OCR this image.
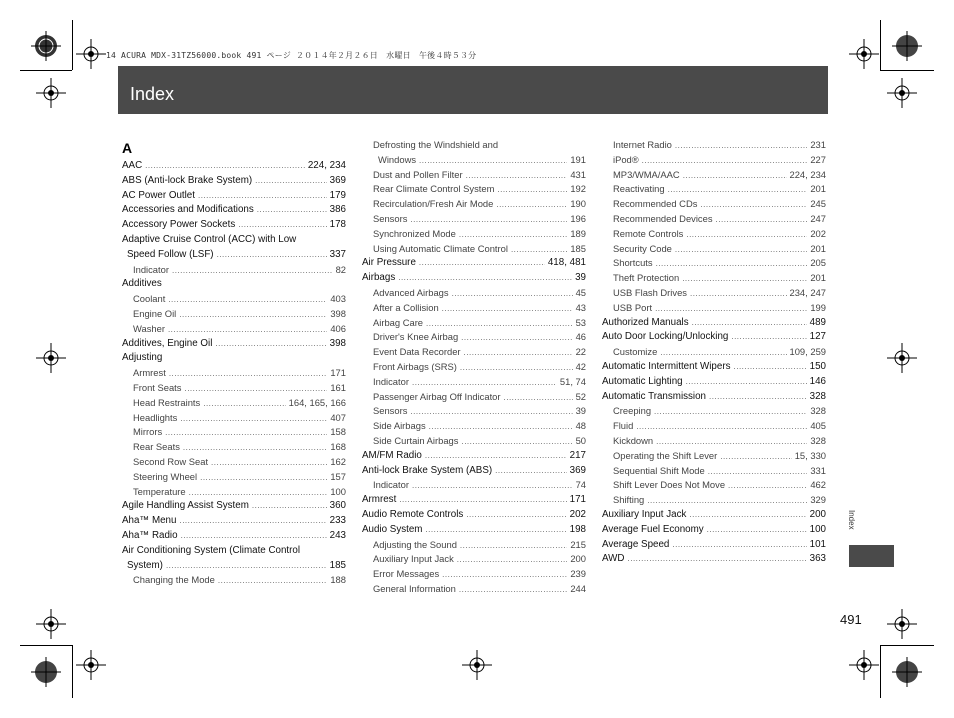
14 ACURA MDX-31TZ56000.book 491 ページ ２０１４年２月２６日　水曜日　午後４時５３分
Index
A
AAC .....	224, 234
ABS (Anti-lock Brake System) .....	369
AC Power Outlet .....	179
Accessories and Modifications .....	386
Accessory Power Sockets .....	178
Adaptive Cruise Control (ACC) with Low
Speed Follow (LSF) .....	337
Indicator .....	82
Additives
Coolant .....	403
Engine Oil .....	398
Washer .....	406
Additives, Engine Oil .....	398
Adjusting
Armrest .....	171
Front Seats .....	161
Head Restraints .....	164, 165, 166
Headlights .....	407
Mirrors .....	158
Rear Seats .....	168
Second Row Seat .....	162
Steering Wheel .....	157
Temperature .....	100
Agile Handling Assist System .....	360
Aha™ Menu .....	233
Aha™ Radio .....	243
Air Conditioning System (Climate Control
System) .....	185
Changing the Mode .....	188
Defrosting the Windshield and
Windows .....	191
Dust and Pollen Filter .....	431
Rear Climate Control System .....	192
Recirculation/Fresh Air Mode .....	190
Sensors .....	196
Synchronized Mode .....	189
Using Automatic Climate Control .....	185
Air Pressure .....	418, 481
Airbags .....	39
Advanced Airbags .....	45
After a Collision .....	43
Airbag Care .....	53
Driver's Knee Airbag .....	46
Event Data Recorder .....	22
Front Airbags (SRS) .....	42
Indicator .....	51, 74
Passenger Airbag Off Indicator .....	52
Sensors .....	39
Side Airbags .....	48
Side Curtain Airbags .....	50
AM/FM Radio .....	217
Anti-lock Brake System (ABS) .....	369
Indicator .....	74
Armrest .....	171
Audio Remote Controls .....	202
Audio System .....	198
Adjusting the Sound .....	215
Auxiliary Input Jack .....	200
Error Messages .....	239
General Information .....	244
Internet Radio .....	231
iPod® .....	227
MP3/WMA/AAC .....	224, 234
Reactivating .....	201
Recommended CDs .....	245
Recommended Devices .....	247
Remote Controls .....	202
Security Code .....	201
Shortcuts .....	205
Theft Protection .....	201
USB Flash Drives .....	234, 247
USB Port .....	199
Authorized Manuals .....	489
Auto Door Locking/Unlocking .....	127
Customize .....	109, 259
Automatic Intermittent Wipers .....	150
Automatic Lighting .....	146
Automatic Transmission .....	328
Creeping .....	328
Fluid .....	405
Kickdown .....	328
Operating the Shift Lever .....	15, 330
Sequential Shift Mode .....	331
Shift Lever Does Not Move .....	462
Shifting .....	329
Auxiliary Input Jack .....	200
Average Fuel Economy .....	100
Average Speed .....	101
AWD .....	363
Index
491
